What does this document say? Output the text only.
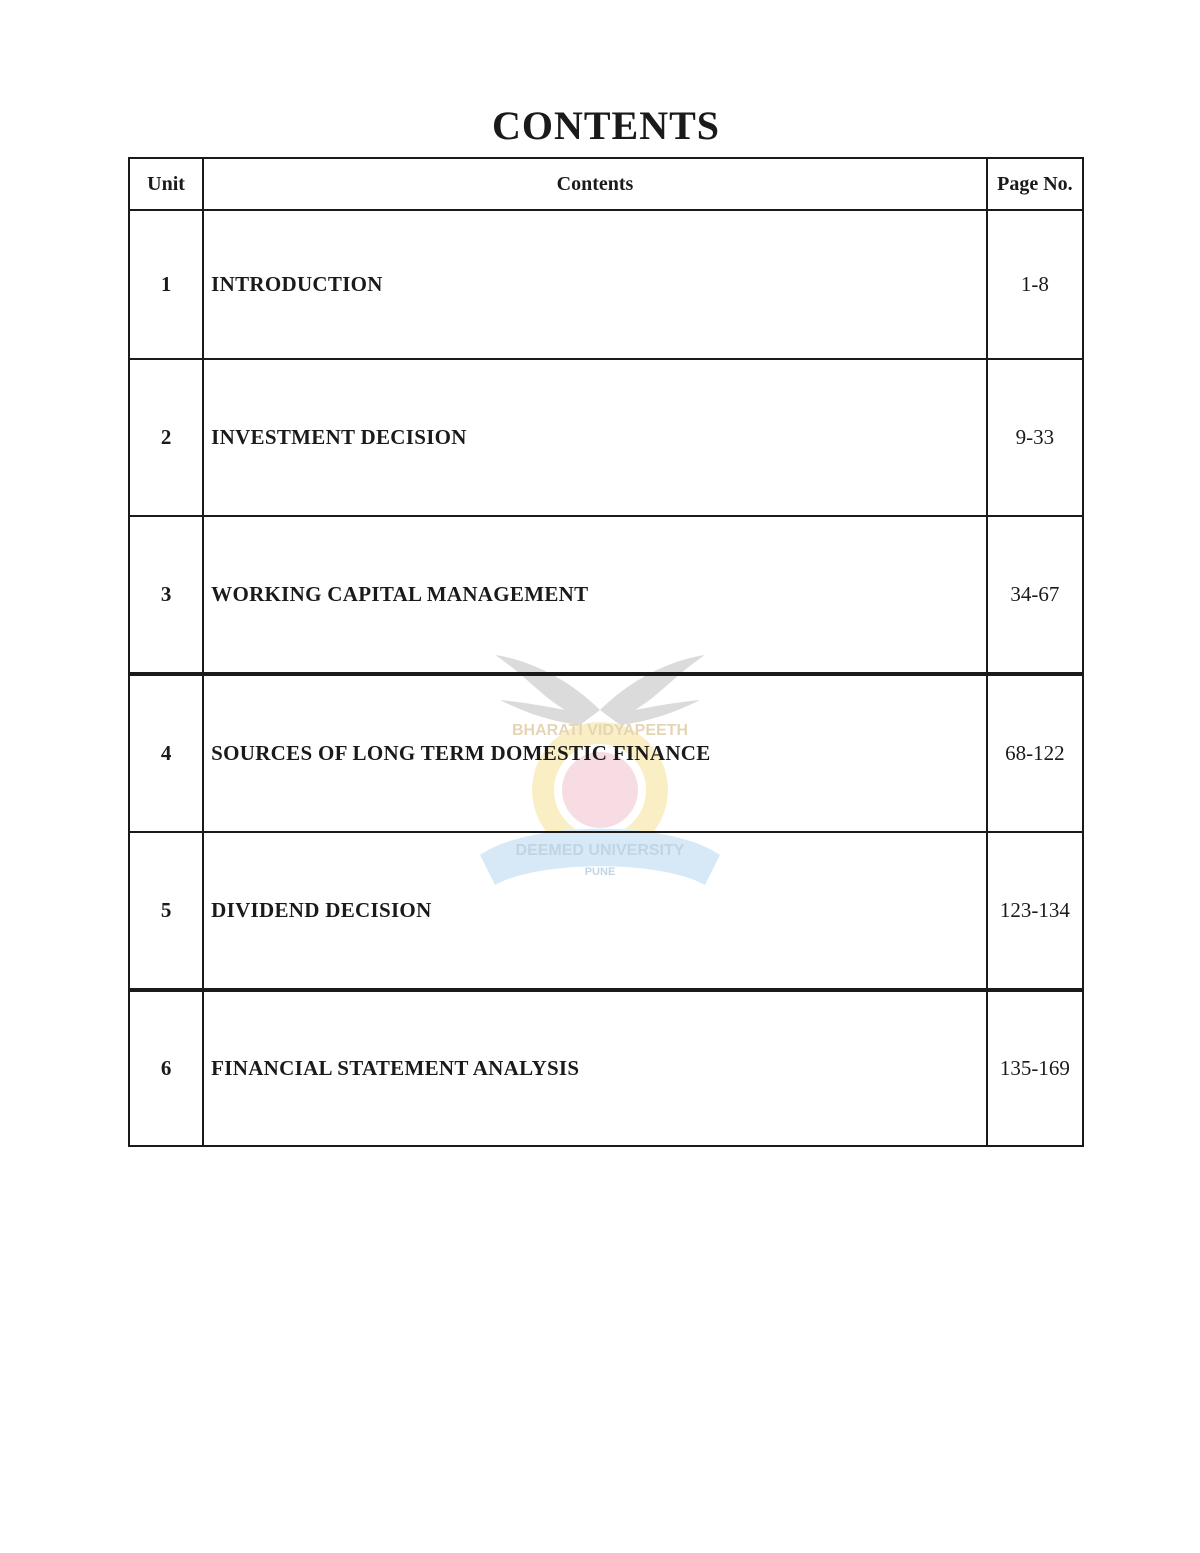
CONTENTS
BHARATI VIDYAPEETH
DEEMED UNIVERSITY
PUNE
Unit	Contents	Page No.
1	INTRODUCTION	1-8
2	INVESTMENT DECISION	9-33
3	WORKING CAPITAL MANAGEMENT	34-67
4	SOURCES OF LONG TERM DOMESTIC FINANCE	68-122
5	DIVIDEND DECISION	123-134
6	FINANCIAL STATEMENT ANALYSIS	135-169
